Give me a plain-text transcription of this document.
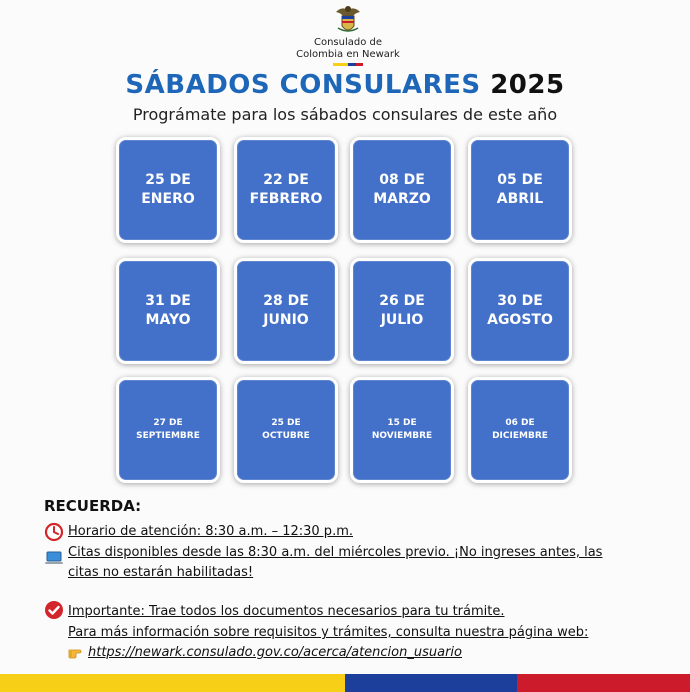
Consulado de
Colombia en Newark
SÁBADOS CONSULARES 2025
Prográmate para los sábados consulares de este año
25 DE
ENERO
22 DE
FEBRERO
08 DE
MARZO
05 DE
ABRIL
31 DE
MAYO
28 DE
JUNIO
26 DE
JULIO
30 DE
AGOSTO
27 DE
SEPTIEMBRE
25 DE
OCTUBRE
15 DE
NOVIEMBRE
06 DE
DICIEMBRE
RECUERDA:
Horario de atención: 8:30 a.m. – 12:30 p.m.
Citas disponibles desde las 8:30 a.m. del miércoles previo. ¡No ingreses antes, las
citas no estarán habilitadas!
Importante: Trae todos los documentos necesarios para tu trámite.
Para más información sobre requisitos y trámites, consulta nuestra página web:
https://newark.consulado.gov.co/acerca/atencion_usuario
